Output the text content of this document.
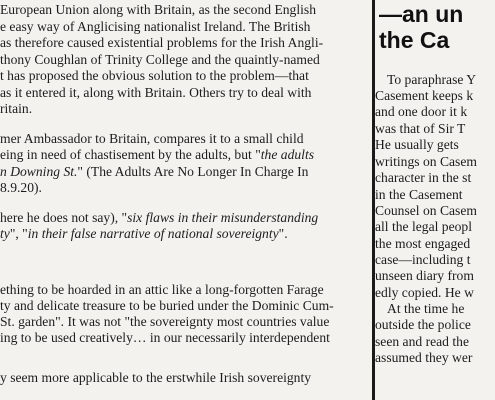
European Union along with Britain, as the second English
e easy way of Anglicising nationalist Ireland. The British
as therefore caused existential problems for the Irish Angli-
thony Coughlan of Trinity College and the quaintly-named
t has proposed the obvious solution to the problem—that
as it entered it, along with Britain. Others try to deal with
ritain.
mer Ambassador to Britain, compares it to a small child
eing in need of chastisement by the adults, but "the adults
n Downing St." (The Adults Are No Longer In Charge In
8.9.20).
here he does not say), "six flaws in their misunderstanding
ty", "in their false narrative of national sovereignty".
ething to be hoarded in an attic like a long-forgotten Farage
ty and delicate treasure to be buried under the Dominic Cum-
St. garden". It was not "the sovereignty most countries value
ing to be used creatively… in our necessarily interdependent
y seem more applicable to the erstwhile Irish sovereignty
—an un
the Ca
To paraphrase Y
Casement keeps k
and one door it k
was that of Sir T
He usually gets
writings on Casem
character in the st
in the Casement
Counsel on Casem
all the legal peopl
the most engaged
case—including t
unseen diary from
edly copied. He w
At the time he
outside the police
seen and read the
assumed they wer
